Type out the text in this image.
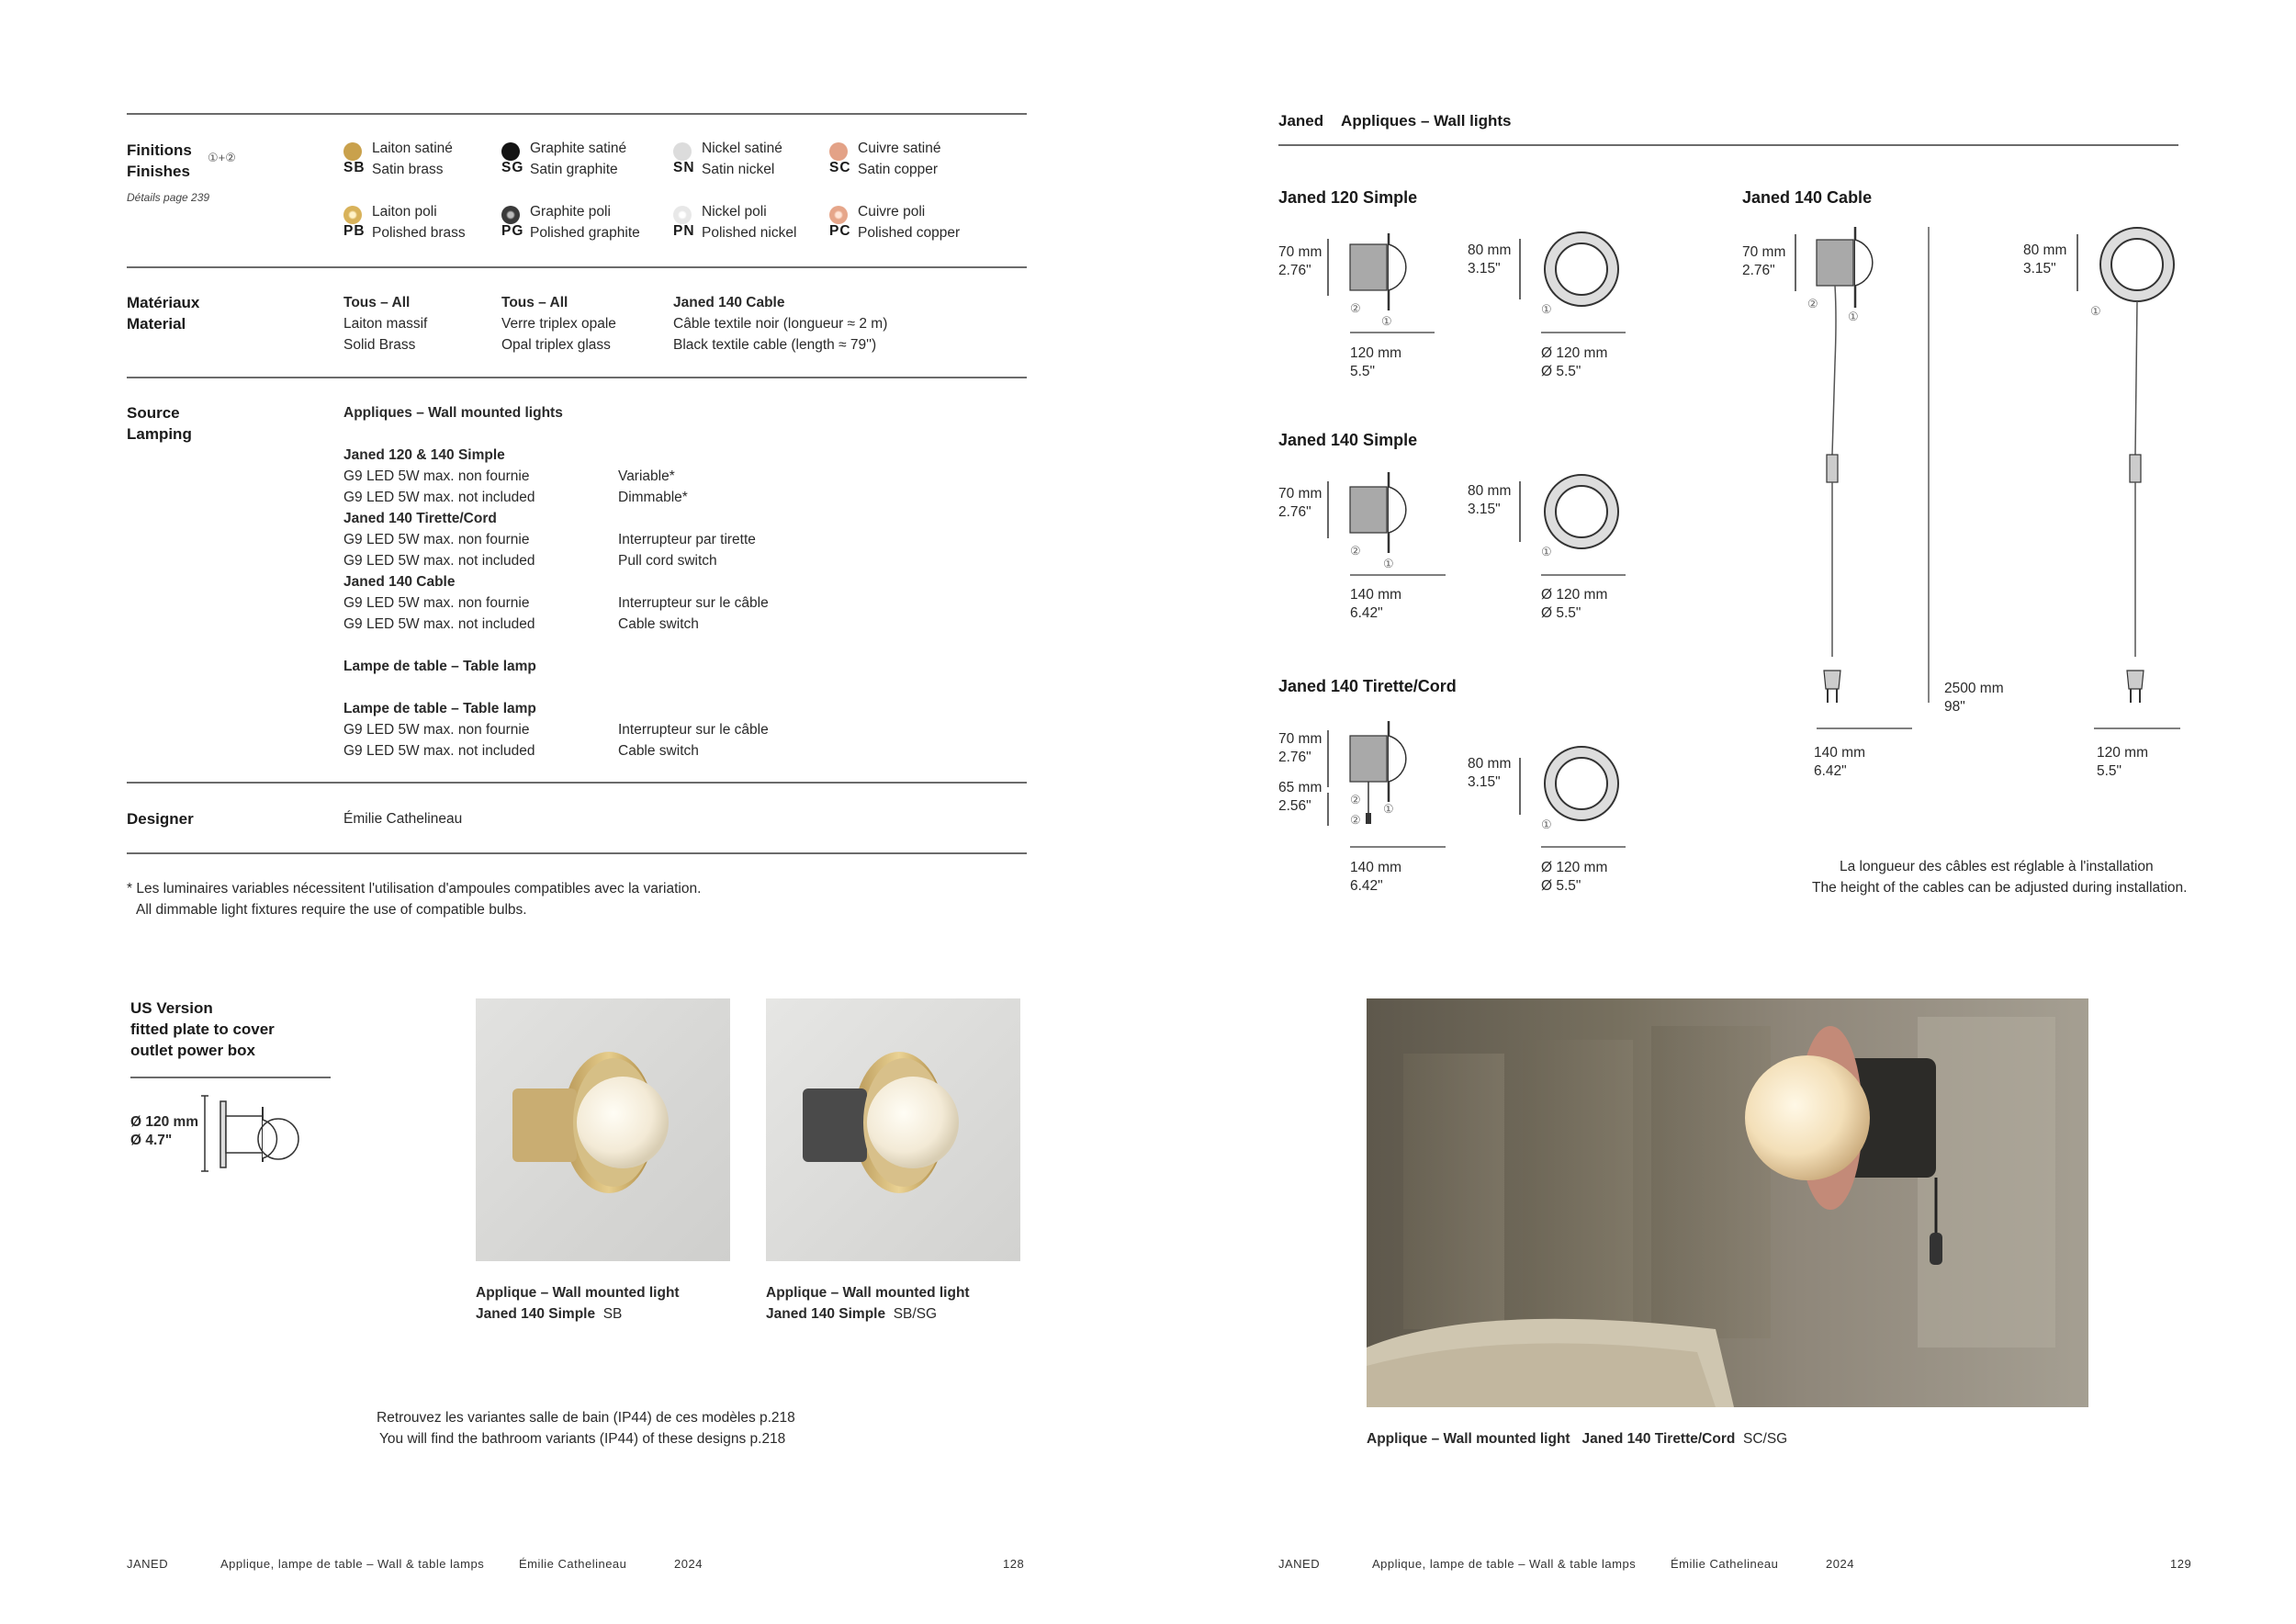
Finitions
Finishes
①+②
Détails page 239
Laiton satiné
SB Satin brass
Graphite satiné
SG Satin graphite
Nickel satiné
SN Satin nickel
Cuivre satiné
SC Satin copper
Laiton poli
PB Polished brass
Graphite poli
PG Polished graphite
Nickel poli
PN Polished nickel
Cuivre poli
PC Polished copper
Matériaux
Material
Tous – All
Laiton massif
Solid Brass
Tous – All
Verre triplex opale
Opal triplex glass
Janed 140 Cable
Câble textile noir (longueur ≈ 2 m)
Black textile cable (length ≈ 79'')
Source
Lamping
Appliques – Wall mounted lights
Janed 120 & 140 Simple
G9 LED 5W max. non fournie	Variable*
G9 LED 5W max. not included	Dimmable*
Janed 140 Tirette/Cord
G9 LED 5W max. non fournie	Interrupteur par tirette
G9 LED 5W max. not included	Pull cord switch
Janed 140 Cable
G9 LED 5W max. non fournie	Interrupteur sur le câble
G9 LED 5W max. not included	Cable switch
Lampe de table – Table lamp
Lampe de table – Table lamp
G9 LED 5W max. non fournie	Interrupteur sur le câble
G9 LED 5W max. not included	Cable switch
Designer	Émilie Cathelineau
* Les luminaires variables nécessitent l'utilisation d'ampoules compatibles avec la variation.
All dimmable light fixtures require the use of compatible bulbs.
US Version
fitted plate to cover
outlet power box
Ø 120 mm
Ø 4.7"
Applique – Wall mounted light
Janed 140 Simple SB
Applique – Wall mounted light
Janed 140 Simple SB/SG
Retrouvez les variantes salle de bain (IP44) de ces modèles p.218
You will find the bathroom variants (IP44) of these designs p.218
JANED	Applique, lampe de table – Wall & table lamps	Émilie Cathelineau	2024	128
Janed Appliques – Wall lights
Janed 120 Simple
70 mm
2.76"
80 mm
3.15"
120 mm
5.5"
Ø 120 mm
Ø 5.5"
②
①
①
Janed 140 Simple
70 mm
2.76"
80 mm
3.15"
140 mm
6.42"
Ø 120 mm
Ø 5.5"
②
①
①
Janed 140 Tirette/Cord
70 mm
2.76"
65 mm
2.56"
80 mm
3.15"
140 mm
6.42"
Ø 120 mm
Ø 5.5"
②
②
①
①
Janed 140 Cable
70 mm
2.76"
80 mm
3.15"
2500 mm
98"
140 mm
6.42"
120 mm
5.5"
②
①	①
La longueur des câbles est réglable à l'installation
The height of the cables can be adjusted during installation.
Applique – Wall mounted light Janed 140 Tirette/Cord SC/SG
JANED	Applique, lampe de table – Wall & table lamps	Émilie Cathelineau	2024	129
